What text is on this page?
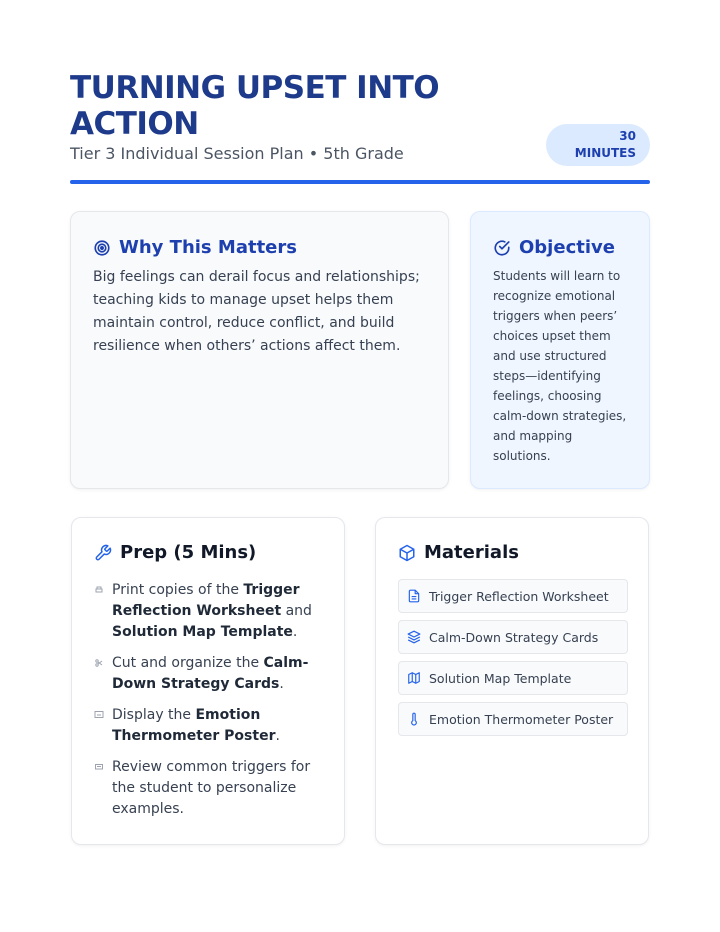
TURNING UPSET INTO ACTION
Tier 3 Individual Session Plan • 5th Grade
30
MINUTES
Why This Matters

Big feelings can derail focus and relationships; teaching kids to manage upset helps them maintain control, reduce conflict, and build resilience when others’ actions affect them.

Objective

Students will learn to recognize emotional triggers when peers’ choices upset them and use structured steps—identifying feelings, choosing calm-down strategies, and mapping solutions.

Prep (5 Mins)
Print copies of the Trigger Reflection Worksheet and Solution Map Template.
Cut and organize the Calm-Down Strategy Cards.
Display the Emotion Thermometer Poster.
Review common triggers for the student to personalize examples.
Materials
Trigger Reflection Worksheet
Calm-Down Strategy Cards
Solution Map Template
Emotion Thermometer Poster
